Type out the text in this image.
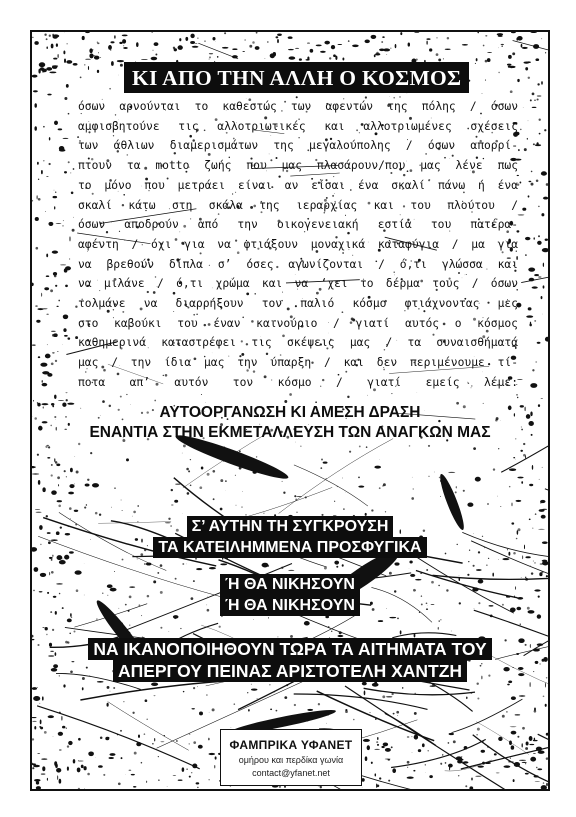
ΚΙ ΑΠΟ ΤΗΝ ΑΛΛΗ Ο ΚΟΣΜΟΣ
όσων αρνούνται το καθεστώς των αφεντών της πόλης / όσων
αμφισβητούνε τις αλλοτριωτικές και αλλοτριωμένες σχέσεις
των άθλιων διαμερισμάτων της μεγαλούπολης / όσων απορρί-
πτουν τα motto ζωής που μας πλασάρουν/που μας λένε πως
το μόνο που μετράει είναι αν είσαι ένα σκαλί πάνω ή ένα
σκαλί κάτω στη σκάλα της ιεραρχίας και του πλούτου /
όσων αποδρούν από την οικογενειακή εστία του πατέρα-
αφέντη / όχι για να φτιάξουν μοναχικά καταφύγια / μα για
να βρεθούν δίπλα σ’ όσες αγωνίζονται / ό,τι γλώσσα και
να μιλάνε / ό,τι χρώμα και να ‘χει το δέρμα τους / όσων
τολμάνε να διαρρήξουν τον παλιό κόσμο φτιάχνοντας μες
στο καβούκι του έναν καινούριο / γιατί αυτός ο κόσμος
καθημερινά καταστρέφει τις σκέψεις μας / τα συναισθήματά
μας / την ίδια μας την ύπαρξη / και δεν περιμένουμε τί-
ποτα απ’ αυτόν τον κόσμο / γιατί εμείς λέμε:
ΑΥΤΟΟΡΓΑΝΩΣΗ ΚΙ ΑΜΕΣΗ ΔΡΑΣΗ
ΕΝΑΝΤΙΑ ΣΤΗΝ ΕΚΜΕΤΑΛΛΕΥΣΗ ΤΩΝ ΑΝΑΓΚΩΝ ΜΑΣ
Σ’ ΑΥΤΗΝ ΤΗ ΣΥΓΚΡΟΥΣΗ
ΤΑ ΚΑΤΕΙΛΗΜΜΕΝΑ ΠΡΟΣΦΥΓΙΚΑ
Ή ΘΑ ΝΙΚΗΣΟΥΝ
Ή ΘΑ ΝΙΚΗΣΟΥΝ
ΝΑ ΙΚΑΝΟΠΟΙΗΘΟΥΝ ΤΩΡΑ ΤΑ ΑΙΤΗΜΑΤΑ ΤΟΥ
ΑΠΕΡΓΟΥ ΠΕΙΝΑΣ ΑΡΙΣΤΟΤΕΛΗ ΧΑΝΤΖΗ
ΦΑΜΠΡΙΚΑ ΥΦΑΝΕΤ
ομήρου και περδίκα γωνία
contact@yfanet.net
